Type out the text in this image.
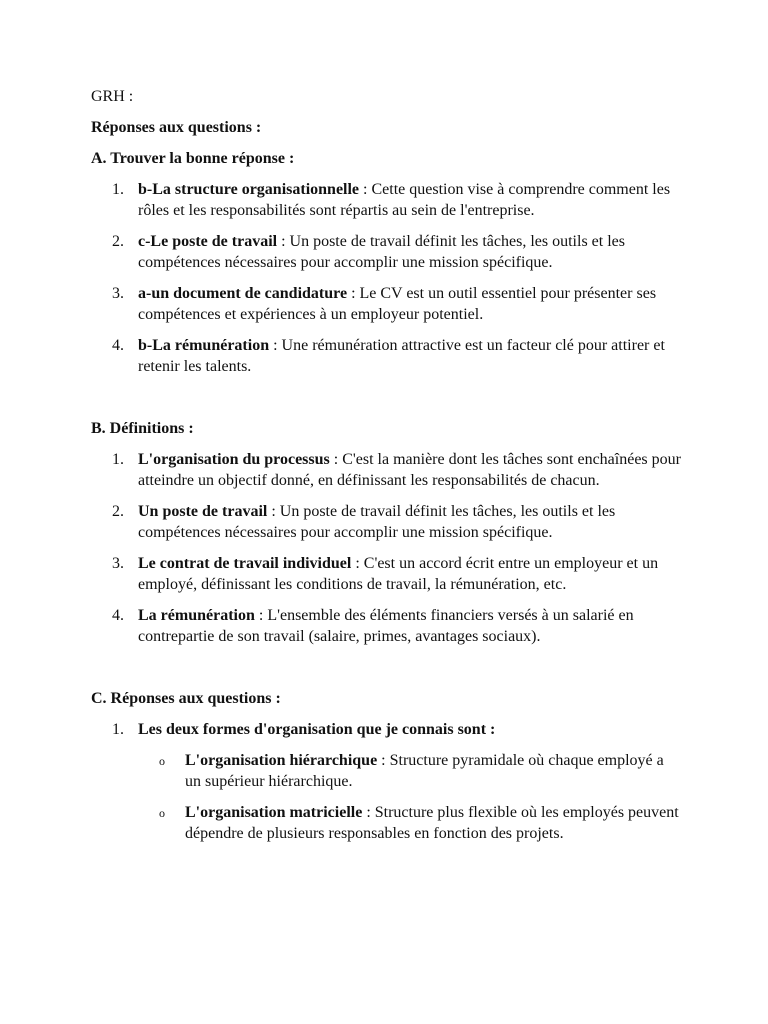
GRH :

Réponses aux questions :

A. Trouver la bonne réponse :

1. b-La structure organisationnelle : Cette question vise à comprendre comment les rôles et les responsabilités sont répartis au sein de l'entreprise.
2. c-Le poste de travail : Un poste de travail définit les tâches, les outils et les compétences nécessaires pour accomplir une mission spécifique.
3. a-un document de candidature : Le CV est un outil essentiel pour présenter ses compétences et expériences à un employeur potentiel.
4. b-La rémunération : Une rémunération attractive est un facteur clé pour attirer et retenir les talents.

B. Définitions :

1. L'organisation du processus : C'est la manière dont les tâches sont enchaînées pour atteindre un objectif donné, en définissant les responsabilités de chacun.
2. Un poste de travail : Un poste de travail définit les tâches, les outils et les compétences nécessaires pour accomplir une mission spécifique.
3. Le contrat de travail individuel : C'est un accord écrit entre un employeur et un employé, définissant les conditions de travail, la rémunération, etc.
4. La rémunération : L'ensemble des éléments financiers versés à un salarié en contrepartie de son travail (salaire, primes, avantages sociaux).

C. Réponses aux questions :

1. Les deux formes d'organisation que je connais sont :
o L'organisation hiérarchique : Structure pyramidale où chaque employé a un supérieur hiérarchique.
o L'organisation matricielle : Structure plus flexible où les employés peuvent dépendre de plusieurs responsables en fonction des projets.
